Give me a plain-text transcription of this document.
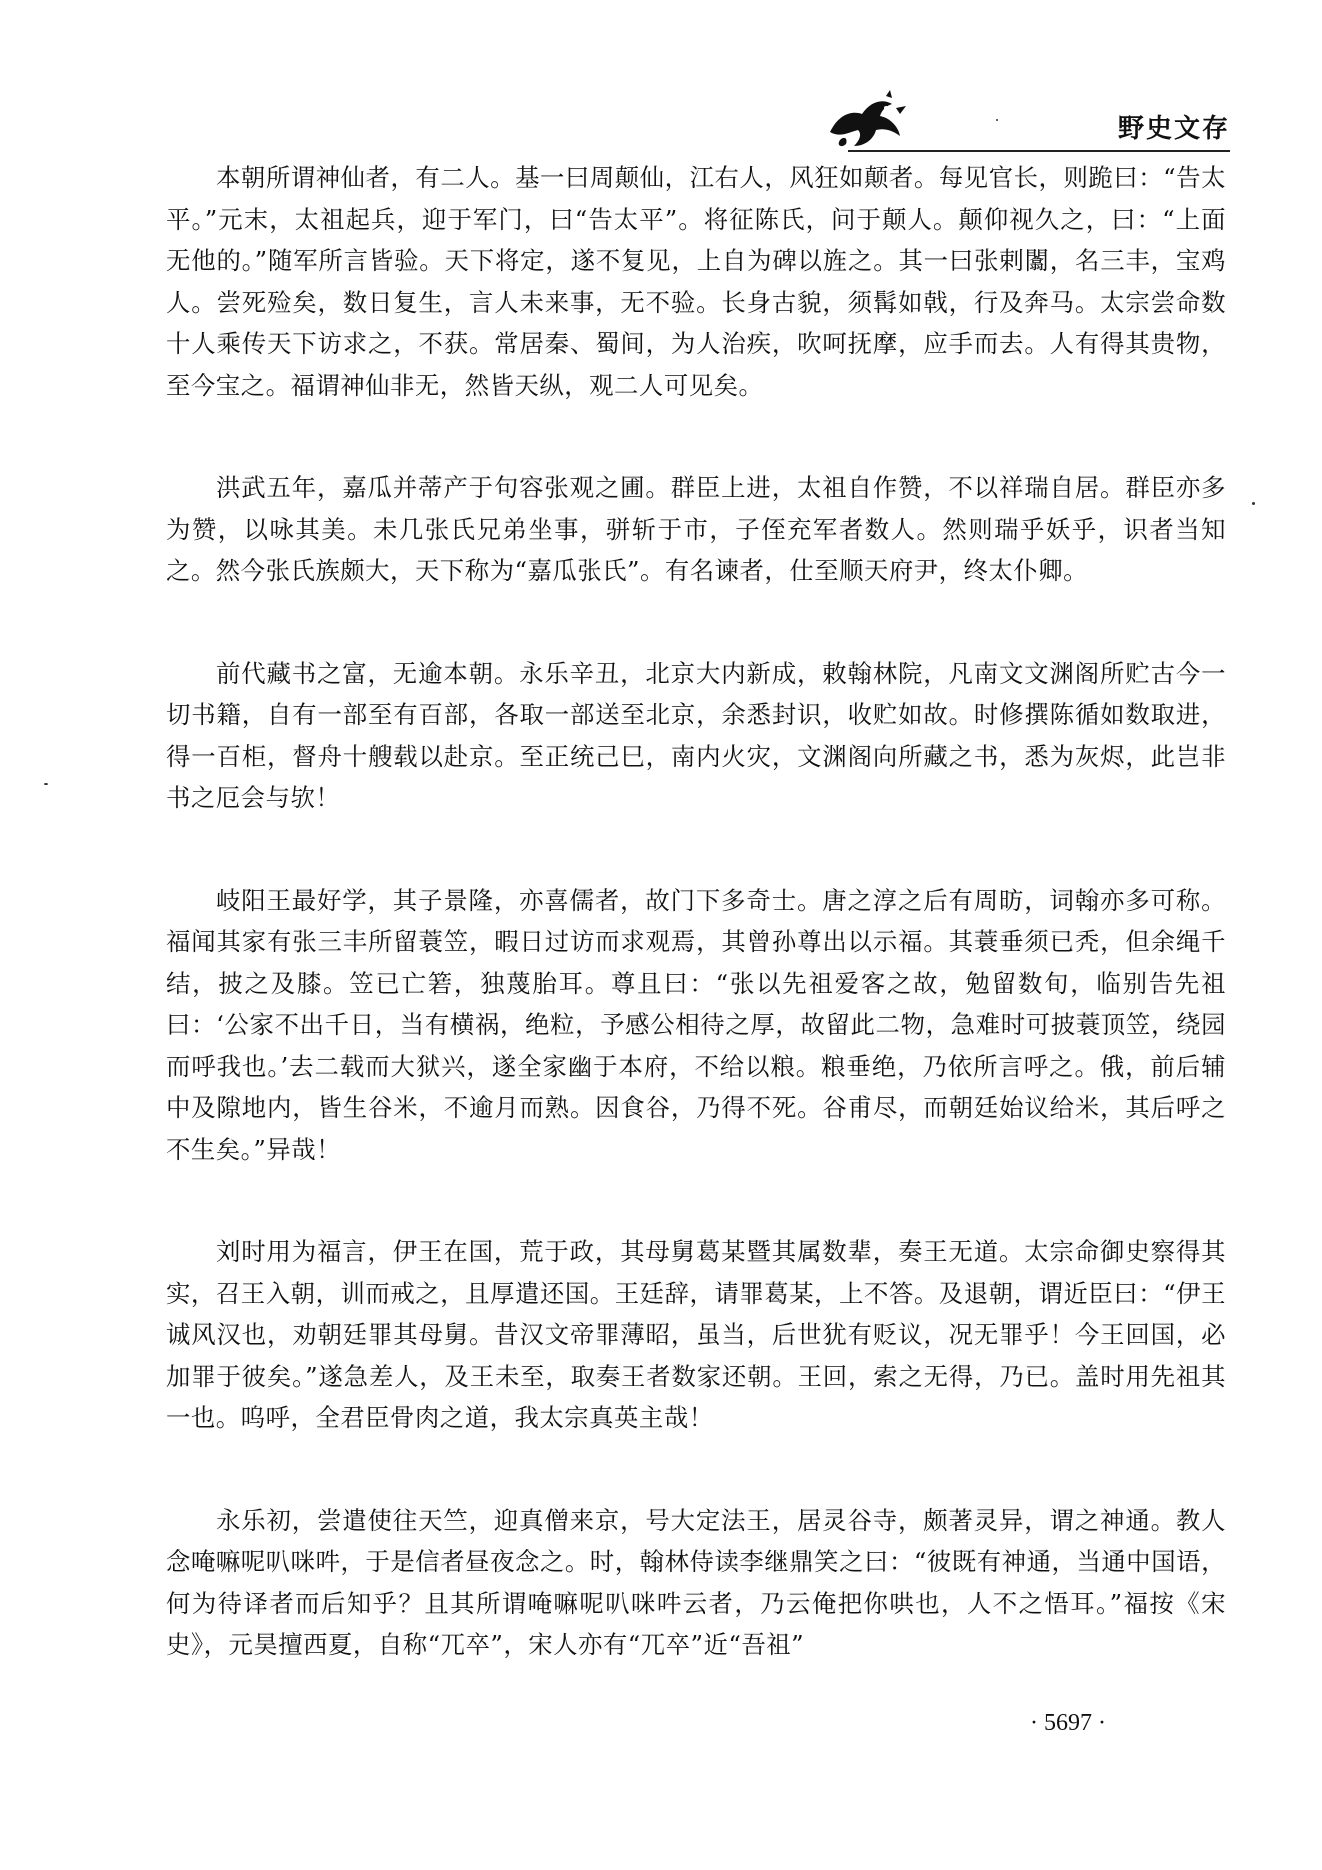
野史文存

本朝所谓神仙者，有二人。基一曰周颠仙，江右人，风狂如颠者。每见官长，则跪曰：“告太平。”元末，太祖起兵，迎于军门，曰“告太平”。将征陈氏，问于颠人。颠仰视久之，曰：“上面无他的。”随军所言皆验。天下将定，遂不复见，上自为碑以旌之。其一曰张剌闟，名三丰，宝鸡人。尝死殓矣，数日复生，言人未来事，无不验。长身古貌，须髯如戟，行及奔马。太宗尝命数十人乘传天下访求之，不获。常居秦、蜀间，为人治疾，吹呵抚摩，应手而去。人有得其贵物，至今宝之。福谓神仙非无，然皆天纵，观二人可见矣。

洪武五年，嘉瓜并蒂产于句容张观之圃。群臣上进，太祖自作赞，不以祥瑞自居。群臣亦多为赞，以咏其美。未几张氏兄弟坐事，骈斩于市，子侄充军者数人。然则瑞乎妖乎，识者当知之。然今张氏族颇大，天下称为“嘉瓜张氏”。有名谏者，仕至顺天府尹，终太仆卿。

前代藏书之富，无逾本朝。永乐辛丑，北京大内新成，敕翰林院，凡南文文渊阁所贮古今一切书籍，自有一部至有百部，各取一部送至北京，余悉封识，收贮如故。时修撰陈循如数取进，得一百柜，督舟十艘载以赴京。至正统己巳，南内火灾，文渊阁向所藏之书，悉为灰烬，此岂非书之厄会与欤！

岐阳王最好学，其子景隆，亦喜儒者，故门下多奇士。唐之淳之后有周昉，词翰亦多可称。福闻其家有张三丰所留蓑笠，暇日过访而求观焉，其曾孙尊出以示福。其蓑垂须已秃，但余绳千结，披之及膝。笠已亡箬，独蔑胎耳。尊且曰：“张以先祖爱客之故，勉留数旬，临别告先祖曰：‘公家不出千日，当有横祸，绝粒，予感公相待之厚，故留此二物，急难时可披蓑顶笠，绕园而呼我也。’去二载而大狱兴，遂全家幽于本府，不给以粮。粮垂绝，乃依所言呼之。俄，前后辅中及隙地内，皆生谷米，不逾月而熟。因食谷，乃得不死。谷甫尽，而朝廷始议给米，其后呼之不生矣。”异哉！

刘时用为福言，伊王在国，荒于政，其母舅葛某暨其属数辈，奏王无道。太宗命御史察得其实，召王入朝，训而戒之，且厚遣还国。王廷辞，请罪葛某，上不答。及退朝，谓近臣曰：“伊王诚风汉也，劝朝廷罪其母舅。昔汉文帝罪薄昭，虽当，后世犹有贬议，况无罪乎！今王回国，必加罪于彼矣。”遂急差人，及王未至，取奏王者数家还朝。王回，索之无得，乃已。盖时用先祖其一也。呜呼，全君臣骨肉之道，我太宗真英主哉！

永乐初，尝遣使往天竺，迎真僧来京，号大定法王，居灵谷寺，颇著灵异，谓之神通。教人念唵嘛呢叭咪吽，于是信者昼夜念之。时，翰林侍读李继鼎笑之曰：“彼既有神通，当通中国语，何为待译者而后知乎？且其所谓唵嘛呢叭咪吽云者，乃云俺把你哄也，人不之悟耳。”福按《宋史》，元昊擅西夏，自称“兀卒”，宋人亦有“兀卒”近“吾祖”

· 5697 ·
